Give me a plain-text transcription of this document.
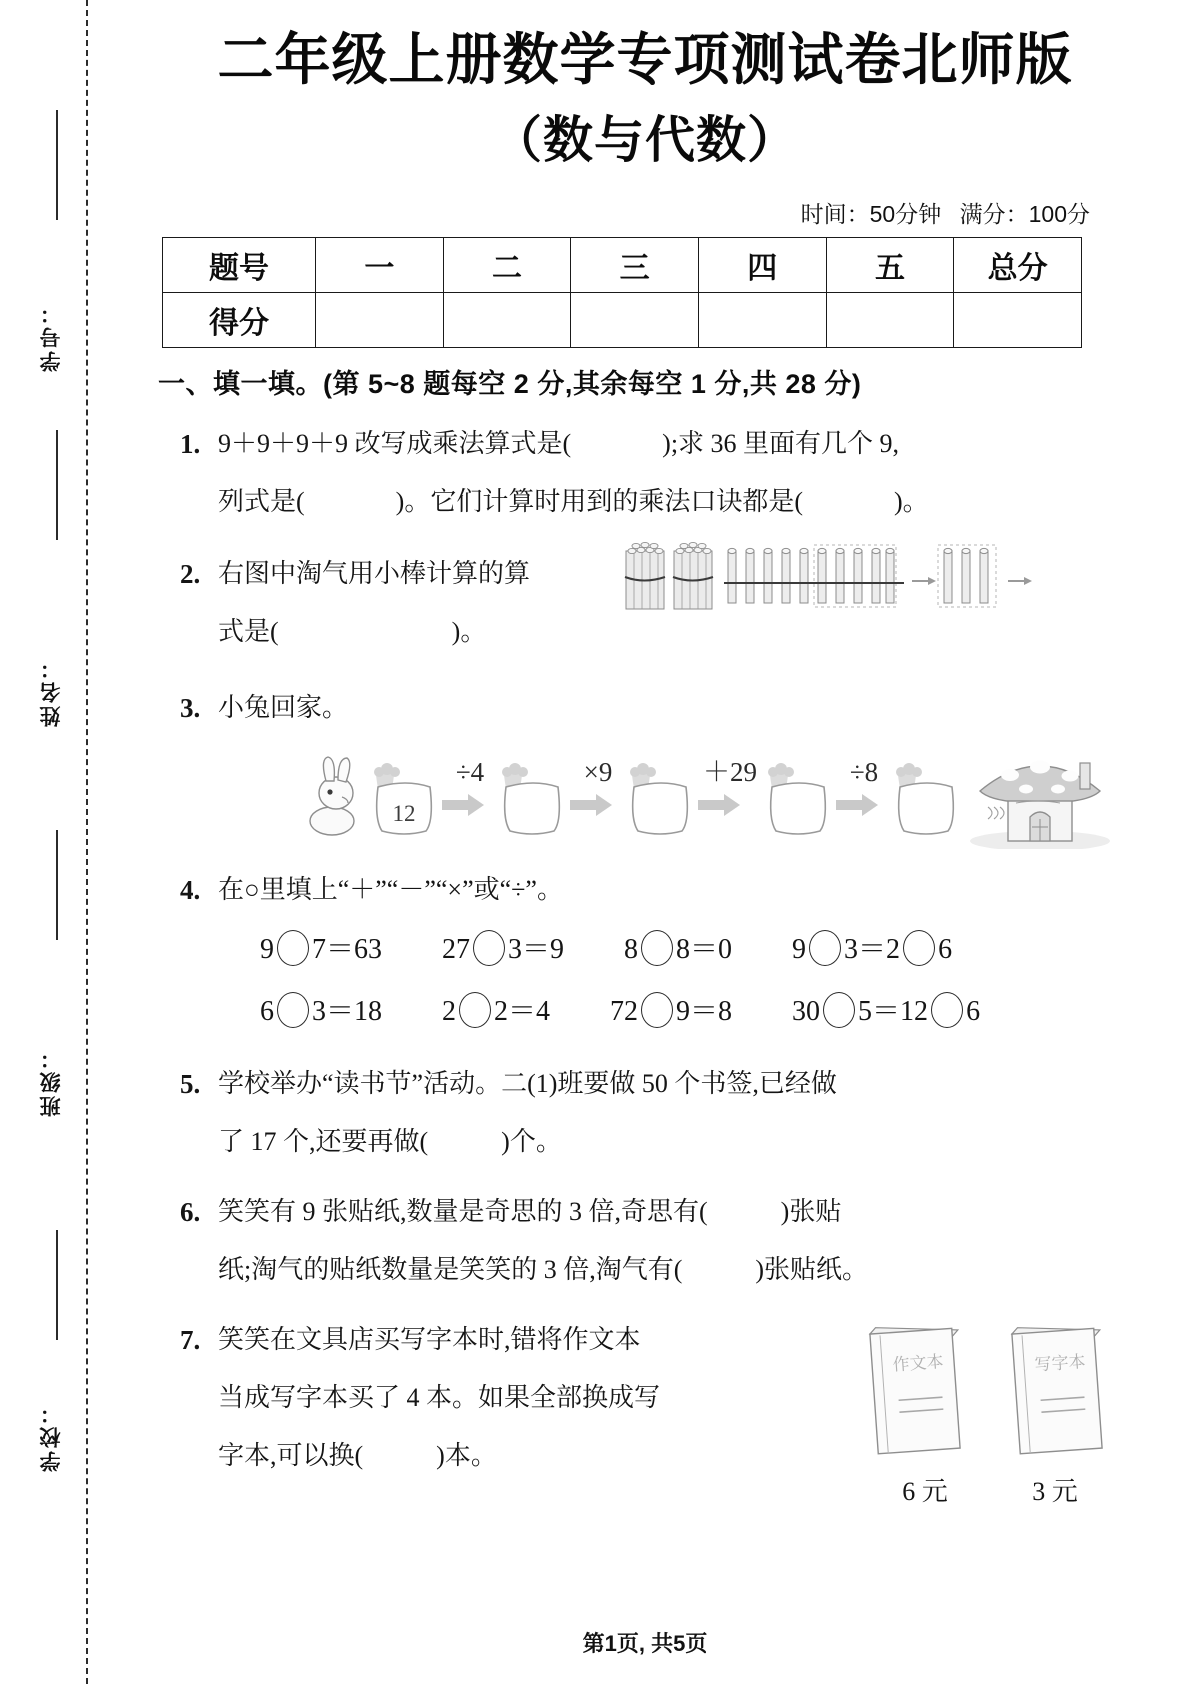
学号：
姓名：
班级：
学校：
二年级上册数学专项测试卷北师版
（数与代数）
时间：50分钟 满分：100分
题号	一	二	三	四	五	总分
得分						
一、填一填。(第 5~8 题每空 2 分,其余每空 1 分,共 28 分)
1. 9＋9＋9＋9 改写成乘法算式是(	);求 36 里面有几个 9,
列式是(	)。它们计算时用到的乘法口诀都是(	)。
2. 右图中淘气用小棒计算的算
式是(	)。
3. 小兔回家。
12
÷4	×9	＋29	÷8
4. 在○里填上“＋”“－”“×”或“÷”。
9 7＝63 27 3＝9 8 8＝0 9 3＝2 6
6 3＝18 2 2＝4 72 9＝8 30 5＝12 6
5. 学校举办“读书节”活动。二(1)班要做 50 个书签,已经做
了 17 个,还要再做(	)个。
6. 笑笑有 9 张贴纸,数量是奇思的 3 倍,奇思有(	)张贴
纸;淘气的贴纸数量是笑笑的 3 倍,淘气有(	)张贴纸。
7. 笑笑在文具店买写字本时,错将作文本
当成写字本买了 4 本。如果全部换成写
字本,可以换(	)本。
作文本	写字本
6 元	3 元
第1页, 共5页
